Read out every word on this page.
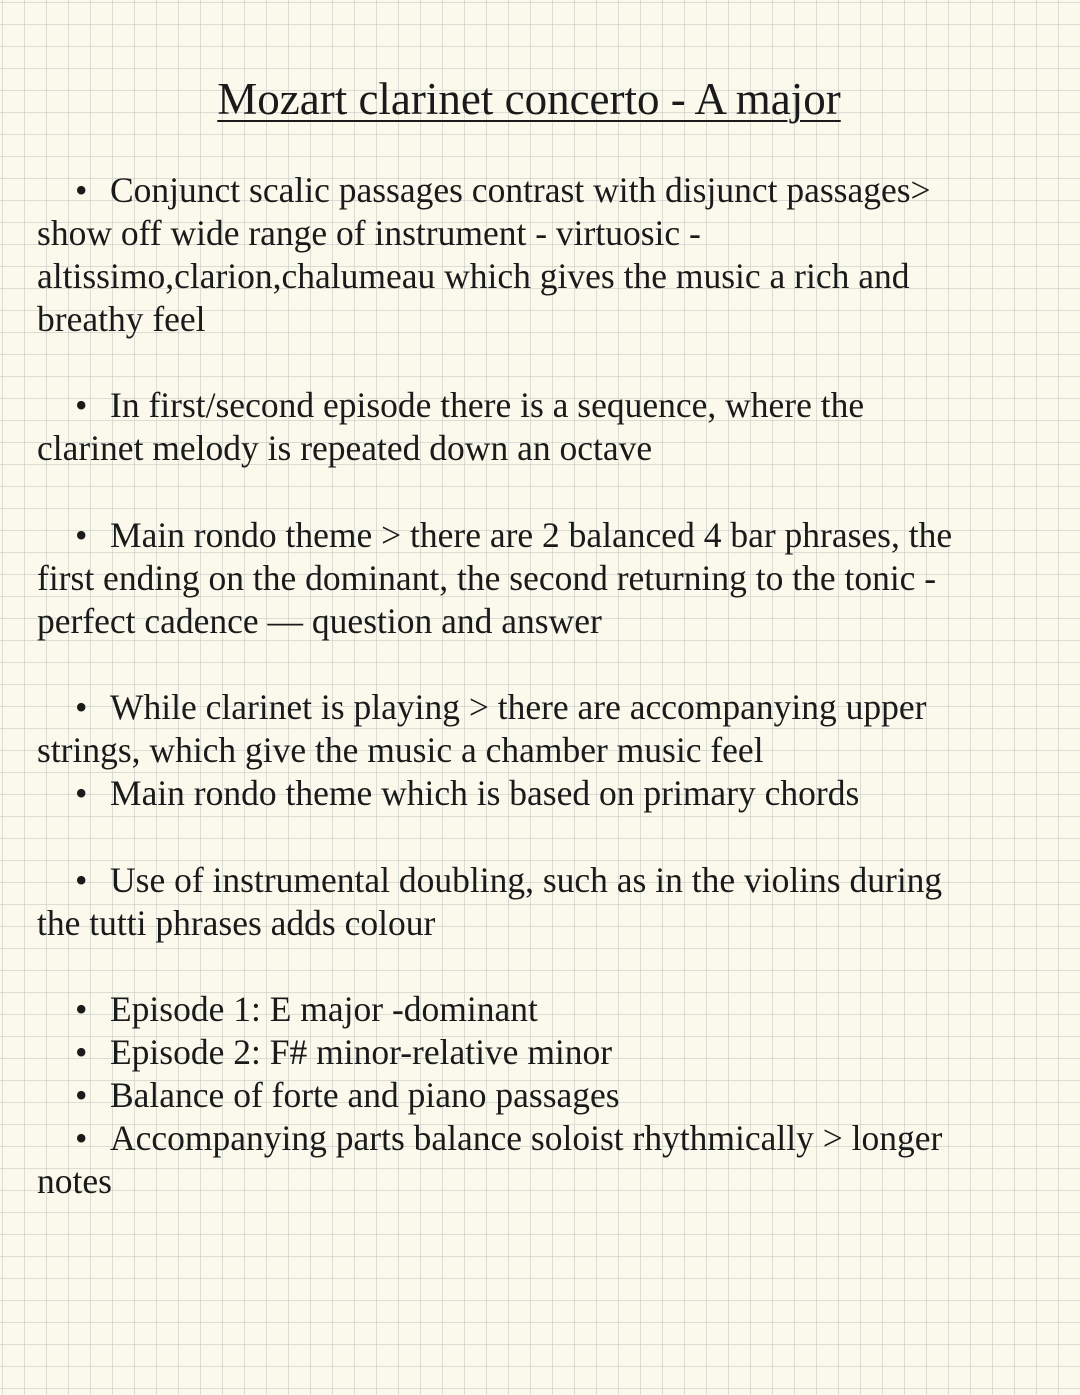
Mozart clarinet concerto - A major

• Conjunct scalic passages contrast with disjunct passages>

show off wide range of instrument - virtuosic -

altissimo,clarion,chalumeau which gives the music a rich and

breathy feel

• In first/second episode there is a sequence, where the

clarinet melody is repeated down an octave

• Main rondo theme > there are 2 balanced 4 bar phrases, the

first ending on the dominant, the second returning to the tonic -

perfect cadence — question and answer

• While clarinet is playing > there are accompanying upper

strings, which give the music a chamber music feel

• Main rondo theme which is based on primary chords

• Use of instrumental doubling, such as in the violins during

the tutti phrases adds colour

• Episode 1: E major -dominant

• Episode 2: F# minor-relative minor

• Balance of forte and piano passages

• Accompanying parts balance soloist rhythmically > longer

notes
